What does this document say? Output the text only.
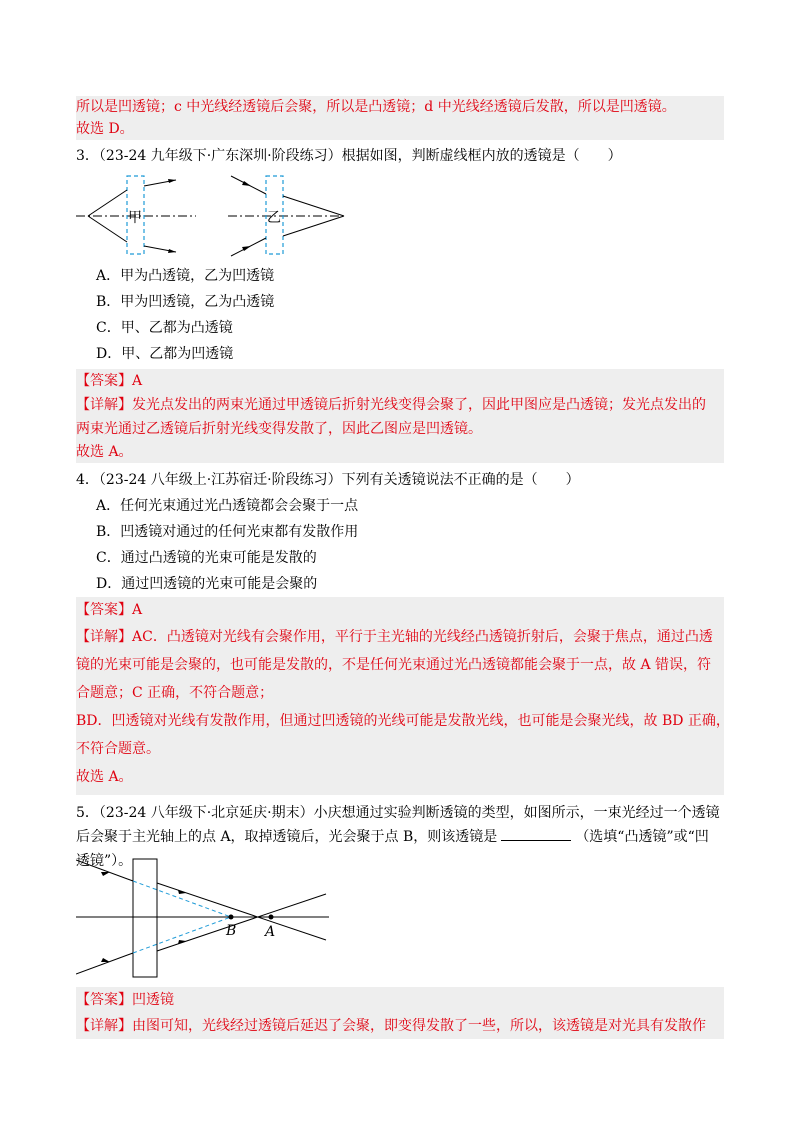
所以是凹透镜；c 中光线经透镜后会聚，所以是凸透镜；d 中光线经透镜后发散，所以是凹透镜。
故选 D。
3．（23-24 九年级下·广东深圳·阶段练习）根据如图，判断虚线框内放的透镜是（　　）
甲	乙
A．甲为凸透镜，乙为凹透镜
B．甲为凹透镜，乙为凸透镜
C．甲、乙都为凸透镜
D．甲、乙都为凹透镜
【答案】A
【详解】发光点发出的两束光通过甲透镜后折射光线变得会聚了，因此甲图应是凸透镜；发光点发出的
两束光通过乙透镜后折射光线变得发散了，因此乙图应是凹透镜。
故选 A。
4．（23-24 八年级上·江苏宿迁·阶段练习）下列有关透镜说法不正确的是（　　）
A．任何光束通过光凸透镜都会会聚于一点
B．凹透镜对通过的任何光束都有发散作用
C．通过凸透镜的光束可能是发散的
D．通过凹透镜的光束可能是会聚的
【答案】A
【详解】AC．凸透镜对光线有会聚作用，平行于主光轴的光线经凸透镜折射后，会聚于焦点，通过凸透
镜的光束可能是会聚的，也可能是发散的，不是任何光束通过光凸透镜都能会聚于一点，故 A 错误，符
合题意；C 正确，不符合题意；
BD．凹透镜对光线有发散作用，但通过凹透镜的光线可能是发散光线，也可能是会聚光线，故 BD 正确，
不符合题意。
故选 A。
5．（23-24 八年级下·北京延庆·期末）小庆想通过实验判断透镜的类型，如图所示，一束光经过一个透镜
后会聚于主光轴上的点 A，取掉透镜后，光会聚于点 B，则该透镜是	（选填“凸透镜”或“凹
透镜”）。
B A
【答案】凹透镜
【详解】由图可知，光线经过透镜后延迟了会聚，即变得发散了一些，所以，该透镜是对光具有发散作
